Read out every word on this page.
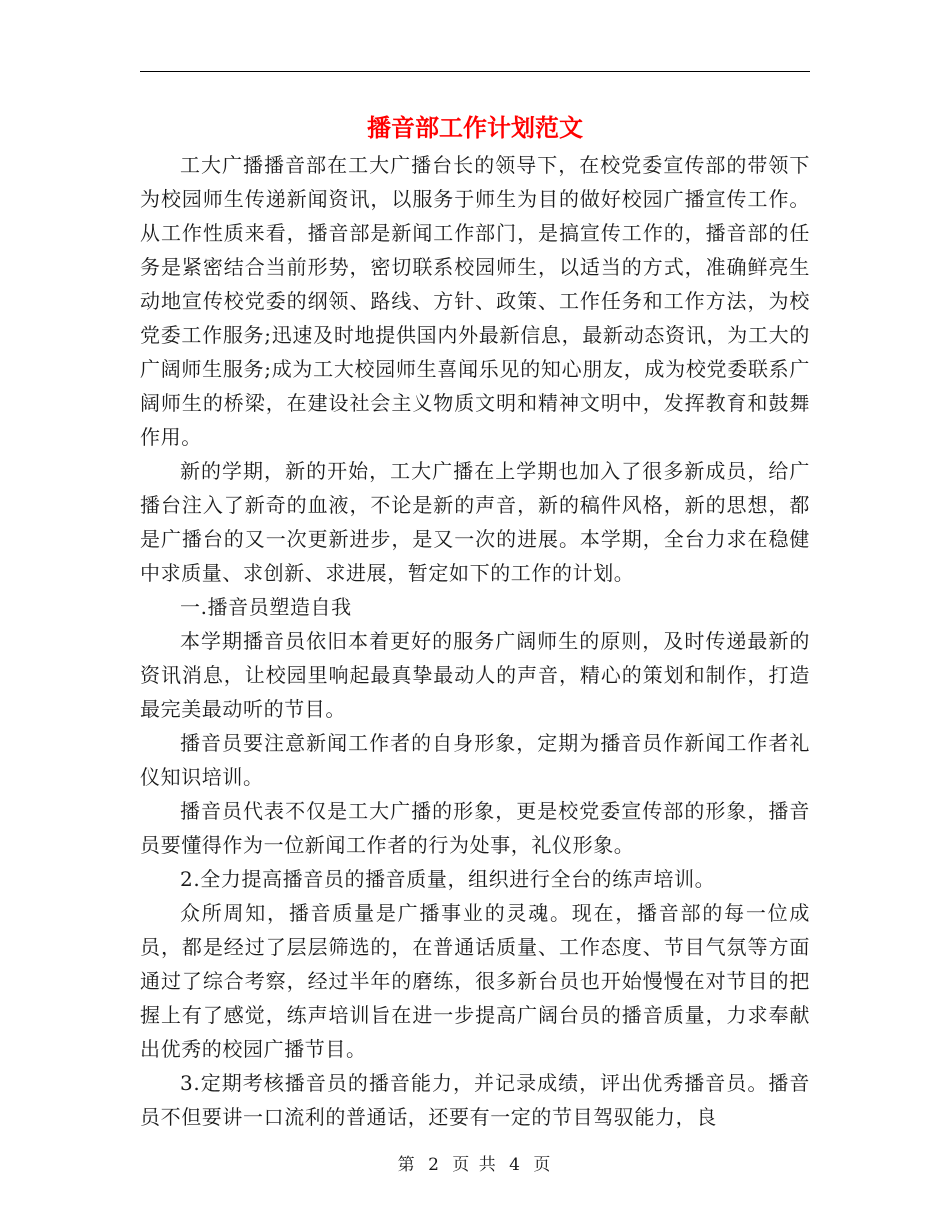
播音部工作计划范文

工大广播播音部在工大广播台长的领导下，在校党委宣传部的带领下为校园师生传递新闻资讯，以服务于师生为目的做好校园广播宣传工作。从工作性质来看，播音部是新闻工作部门，是搞宣传工作的，播音部的任务是紧密结合当前形势，密切联系校园师生，以适当的方式，准确鲜亮生动地宣传校党委的纲领、路线、方针、政策、工作任务和工作方法，为校党委工作服务;迅速及时地提供国内外最新信息，最新动态资讯，为工大的广阔师生服务;成为工大校园师生喜闻乐见的知心朋友，成为校党委联系广阔师生的桥梁，在建设社会主义物质文明和精神文明中，发挥教育和鼓舞作用。

新的学期，新的开始，工大广播在上学期也加入了很多新成员，给广播台注入了新奇的血液，不论是新的声音，新的稿件风格，新的思想，都是广播台的又一次更新进步，是又一次的进展。本学期，全台力求在稳健中求质量、求创新、求进展，暂定如下的工作的计划。

一.播音员塑造自我

本学期播音员依旧本着更好的服务广阔师生的原则，及时传递最新的资讯消息，让校园里响起最真挚最动人的声音，精心的策划和制作，打造最完美最动听的节目。

播音员要注意新闻工作者的自身形象，定期为播音员作新闻工作者礼仪知识培训。

播音员代表不仅是工大广播的形象，更是校党委宣传部的形象，播音员要懂得作为一位新闻工作者的行为处事，礼仪形象。

2.全力提高播音员的播音质量，组织进行全台的练声培训。

众所周知，播音质量是广播事业的灵魂。现在，播音部的每一位成员，都是经过了层层筛选的，在普通话质量、工作态度、节目气氛等方面通过了综合考察，经过半年的磨练，很多新台员也开始慢慢在对节目的把握上有了感觉，练声培训旨在进一步提高广阔台员的播音质量，力求奉献出优秀的校园广播节目。

3.定期考核播音员的播音能力，并记录成绩，评出优秀播音员。播音员不但要讲一口流利的普通话，还要有一定的节目驾驭能力，良

第 2 页 共 4 页
